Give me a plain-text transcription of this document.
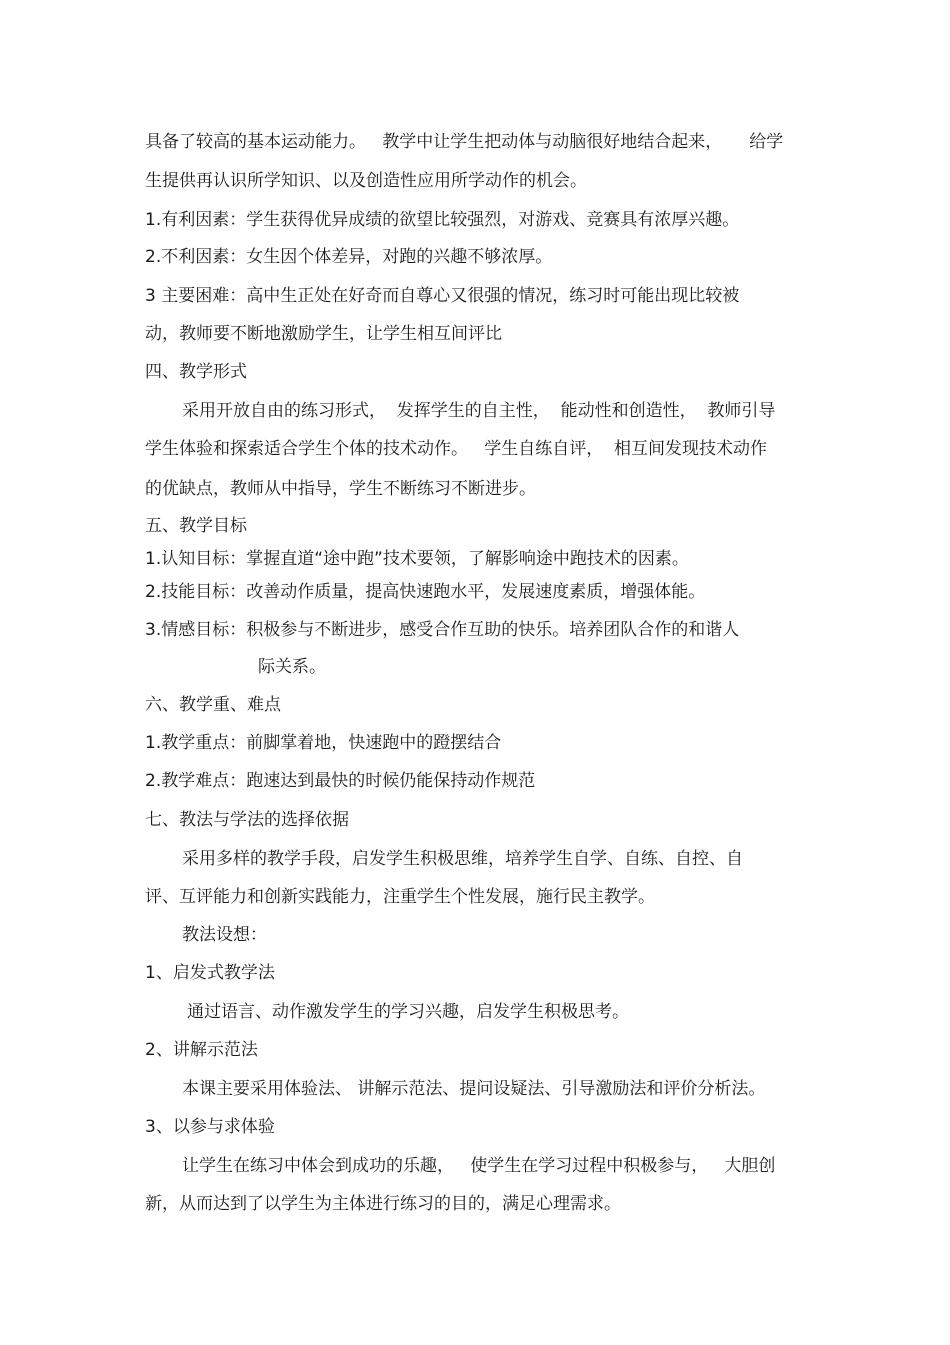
具备了较高的基本运动能力。   教学中让学生把动体与动脑很好地结合起来，     给学
生提供再认识所学知识、以及创造性应用所学动作的机会。
1.有利因素：学生获得优异成绩的欲望比较强烈，对游戏、竞赛具有浓厚兴趣。
2.不利因素：女生因个体差异，对跑的兴趣不够浓厚。
3 主要困难：高中生正处在好奇而自尊心又很强的情况，练习时可能出现比较被
动，教师要不断地激励学生，让学生相互间评比
四、教学形式
采用开放自由的练习形式，  发挥学生的自主性，  能动性和创造性，  教师引导
学生体验和探索适合学生个体的技术动作。   学生自练自评，  相互间发现技术动作
的优缺点，教师从中指导，学生不断练习不断进步。
五、教学目标
1.认知目标：掌握直道“途中跑”技术要领，了解影响途中跑技术的因素。
2.技能目标：改善动作质量，提高快速跑水平，发展速度素质，增强体能。
3.情感目标：积极参与不断进步，感受合作互助的快乐。培养团队合作的和谐人
际关系。
六、教学重、难点
1.教学重点：前脚掌着地，快速跑中的蹬摆结合
2.教学难点：跑速达到最快的时候仍能保持动作规范
七、教法与学法的选择依据
采用多样的教学手段，启发学生积极思维，培养学生自学、自练、自控、自
评、互评能力和创新实践能力，注重学生个性发展，施行民主教学。
教法设想：
1、启发式教学法
通过语言、动作激发学生的学习兴趣，启发学生积极思考。
2、讲解示范法
本课主要采用体验法、 讲解示范法、提问设疑法、引导激励法和评价分析法。
3、以参与求体验
让学生在练习中体会到成功的乐趣，   使学生在学习过程中积极参与，   大胆创
新，从而达到了以学生为主体进行练习的目的，满足心理需求。
